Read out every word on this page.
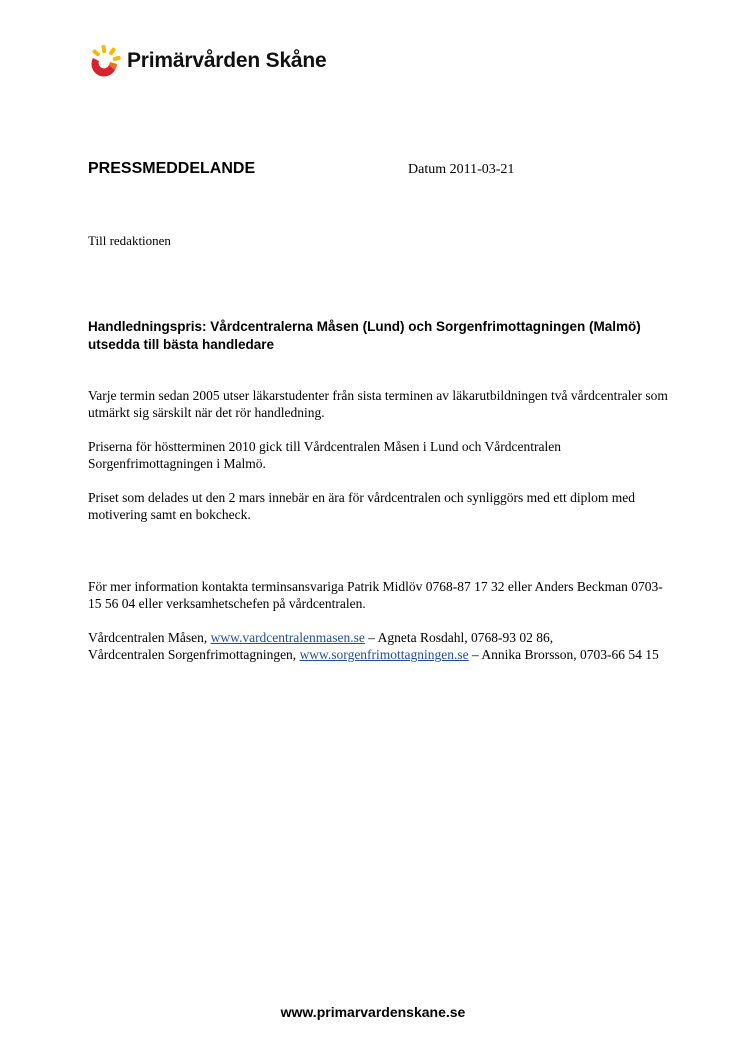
Primärvården Skåne
PRESSMEDDELANDE	Datum 2011-03-21
Till redaktionen
Handledningspris: Vårdcentralerna Måsen (Lund) och Sorgenfrimottagningen (Malmö) utsedda till bästa handledare
Varje termin sedan 2005 utser läkarstudenter från sista terminen av läkarutbildningen två vårdcentraler som utmärkt sig särskilt när det rör handledning.
Priserna för höstterminen 2010 gick till Vårdcentralen Måsen i Lund och Vårdcentralen Sorgenfrimottagningen i Malmö.
Priset som delades ut den 2 mars innebär en ära för vårdcentralen och synliggörs med ett diplom med motivering samt en bokcheck.
För mer information kontakta terminsansvariga Patrik Midlöv 0768-87 17 32 eller Anders Beckman 0703-15 56 04 eller verksamhetschefen på vårdcentralen.

Vårdcentralen Måsen, www.vardcentralenmasen.se – Agneta Rosdahl, 0768-93 02 86,

Vårdcentralen Sorgenfrimottagningen, www.sorgenfrimottagningen.se – Annika Brorsson, 0703-66 54 15

www.primarvardenskane.se
